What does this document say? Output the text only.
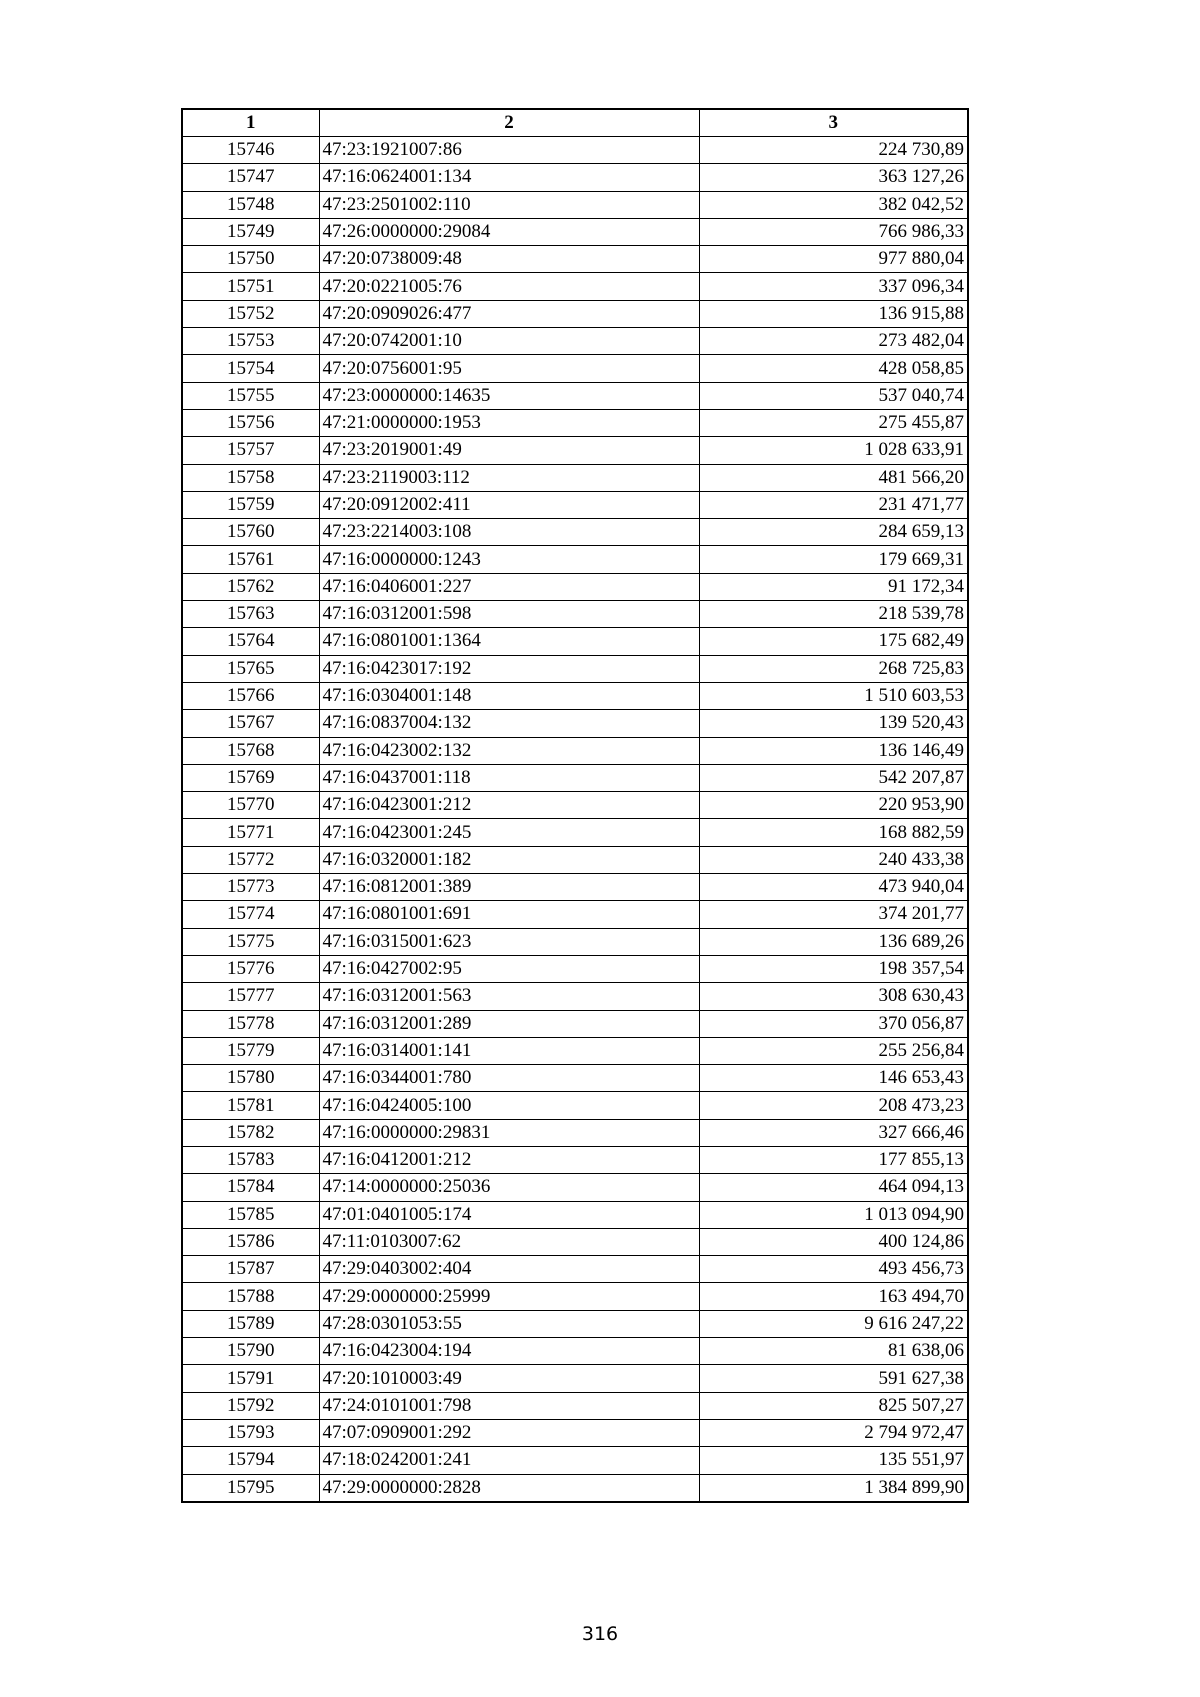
1	2	3
15746	47:23:1921007:86	224 730,89
15747	47:16:0624001:134	363 127,26
15748	47:23:2501002:110	382 042,52
15749	47:26:0000000:29084	766 986,33
15750	47:20:0738009:48	977 880,04
15751	47:20:0221005:76	337 096,34
15752	47:20:0909026:477	136 915,88
15753	47:20:0742001:10	273 482,04
15754	47:20:0756001:95	428 058,85
15755	47:23:0000000:14635	537 040,74
15756	47:21:0000000:1953	275 455,87
15757	47:23:2019001:49	1 028 633,91
15758	47:23:2119003:112	481 566,20
15759	47:20:0912002:411	231 471,77
15760	47:23:2214003:108	284 659,13
15761	47:16:0000000:1243	179 669,31
15762	47:16:0406001:227	91 172,34
15763	47:16:0312001:598	218 539,78
15764	47:16:0801001:1364	175 682,49
15765	47:16:0423017:192	268 725,83
15766	47:16:0304001:148	1 510 603,53
15767	47:16:0837004:132	139 520,43
15768	47:16:0423002:132	136 146,49
15769	47:16:0437001:118	542 207,87
15770	47:16:0423001:212	220 953,90
15771	47:16:0423001:245	168 882,59
15772	47:16:0320001:182	240 433,38
15773	47:16:0812001:389	473 940,04
15774	47:16:0801001:691	374 201,77
15775	47:16:0315001:623	136 689,26
15776	47:16:0427002:95	198 357,54
15777	47:16:0312001:563	308 630,43
15778	47:16:0312001:289	370 056,87
15779	47:16:0314001:141	255 256,84
15780	47:16:0344001:780	146 653,43
15781	47:16:0424005:100	208 473,23
15782	47:16:0000000:29831	327 666,46
15783	47:16:0412001:212	177 855,13
15784	47:14:0000000:25036	464 094,13
15785	47:01:0401005:174	1 013 094,90
15786	47:11:0103007:62	400 124,86
15787	47:29:0403002:404	493 456,73
15788	47:29:0000000:25999	163 494,70
15789	47:28:0301053:55	9 616 247,22
15790	47:16:0423004:194	81 638,06
15791	47:20:1010003:49	591 627,38
15792	47:24:0101001:798	825 507,27
15793	47:07:0909001:292	2 794 972,47
15794	47:18:0242001:241	135 551,97
15795	47:29:0000000:2828	1 384 899,90
316
